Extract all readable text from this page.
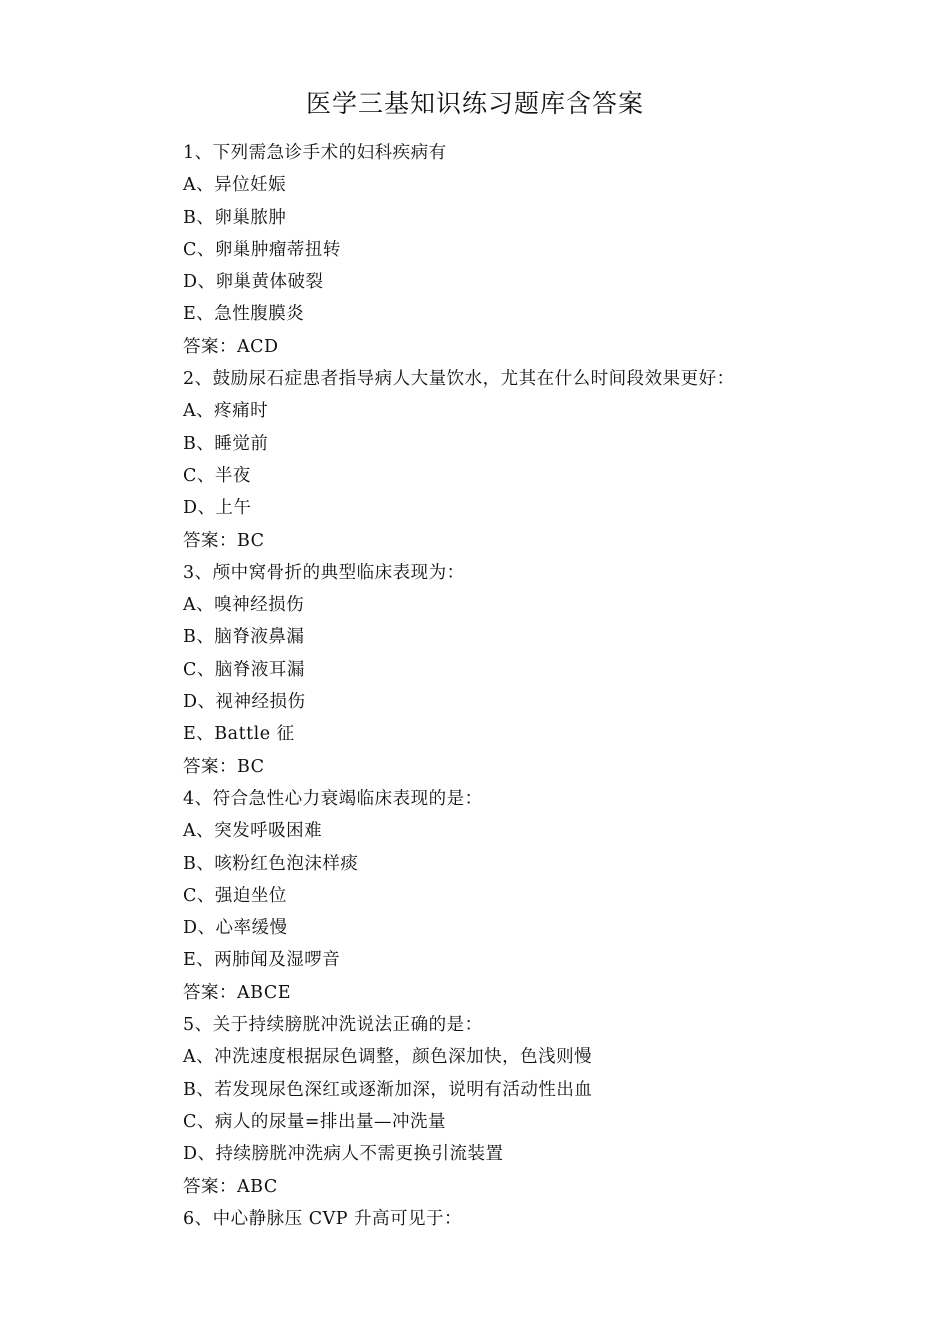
医学三基知识练习题库含答案
1、下列需急诊手术的妇科疾病有
A、异位妊娠
B、卵巢脓肿
C、卵巢肿瘤蒂扭转
D、卵巢黄体破裂
E、急性腹膜炎
答案：ACD
2、鼓励尿石症患者指导病人大量饮水，尤其在什么时间段效果更好：
A、疼痛时
B、睡觉前
C、半夜
D、上午
答案：BC
3、颅中窝骨折的典型临床表现为：
A、嗅神经损伤
B、脑脊液鼻漏
C、脑脊液耳漏
D、视神经损伤
E、Battle 征
答案：BC
4、符合急性心力衰竭临床表现的是：
A、突发呼吸困难
B、咳粉红色泡沫样痰
C、强迫坐位
D、心率缓慢
E、两肺闻及湿啰音
答案：ABCE
5、关于持续膀胱冲洗说法正确的是：
A、冲洗速度根据尿色调整，颜色深加快，色浅则慢
B、若发现尿色深红或逐渐加深，说明有活动性出血
C、病人的尿量=排出量—冲洗量
D、持续膀胱冲洗病人不需更换引流装置
答案：ABC
6、中心静脉压 CVP 升高可见于：
